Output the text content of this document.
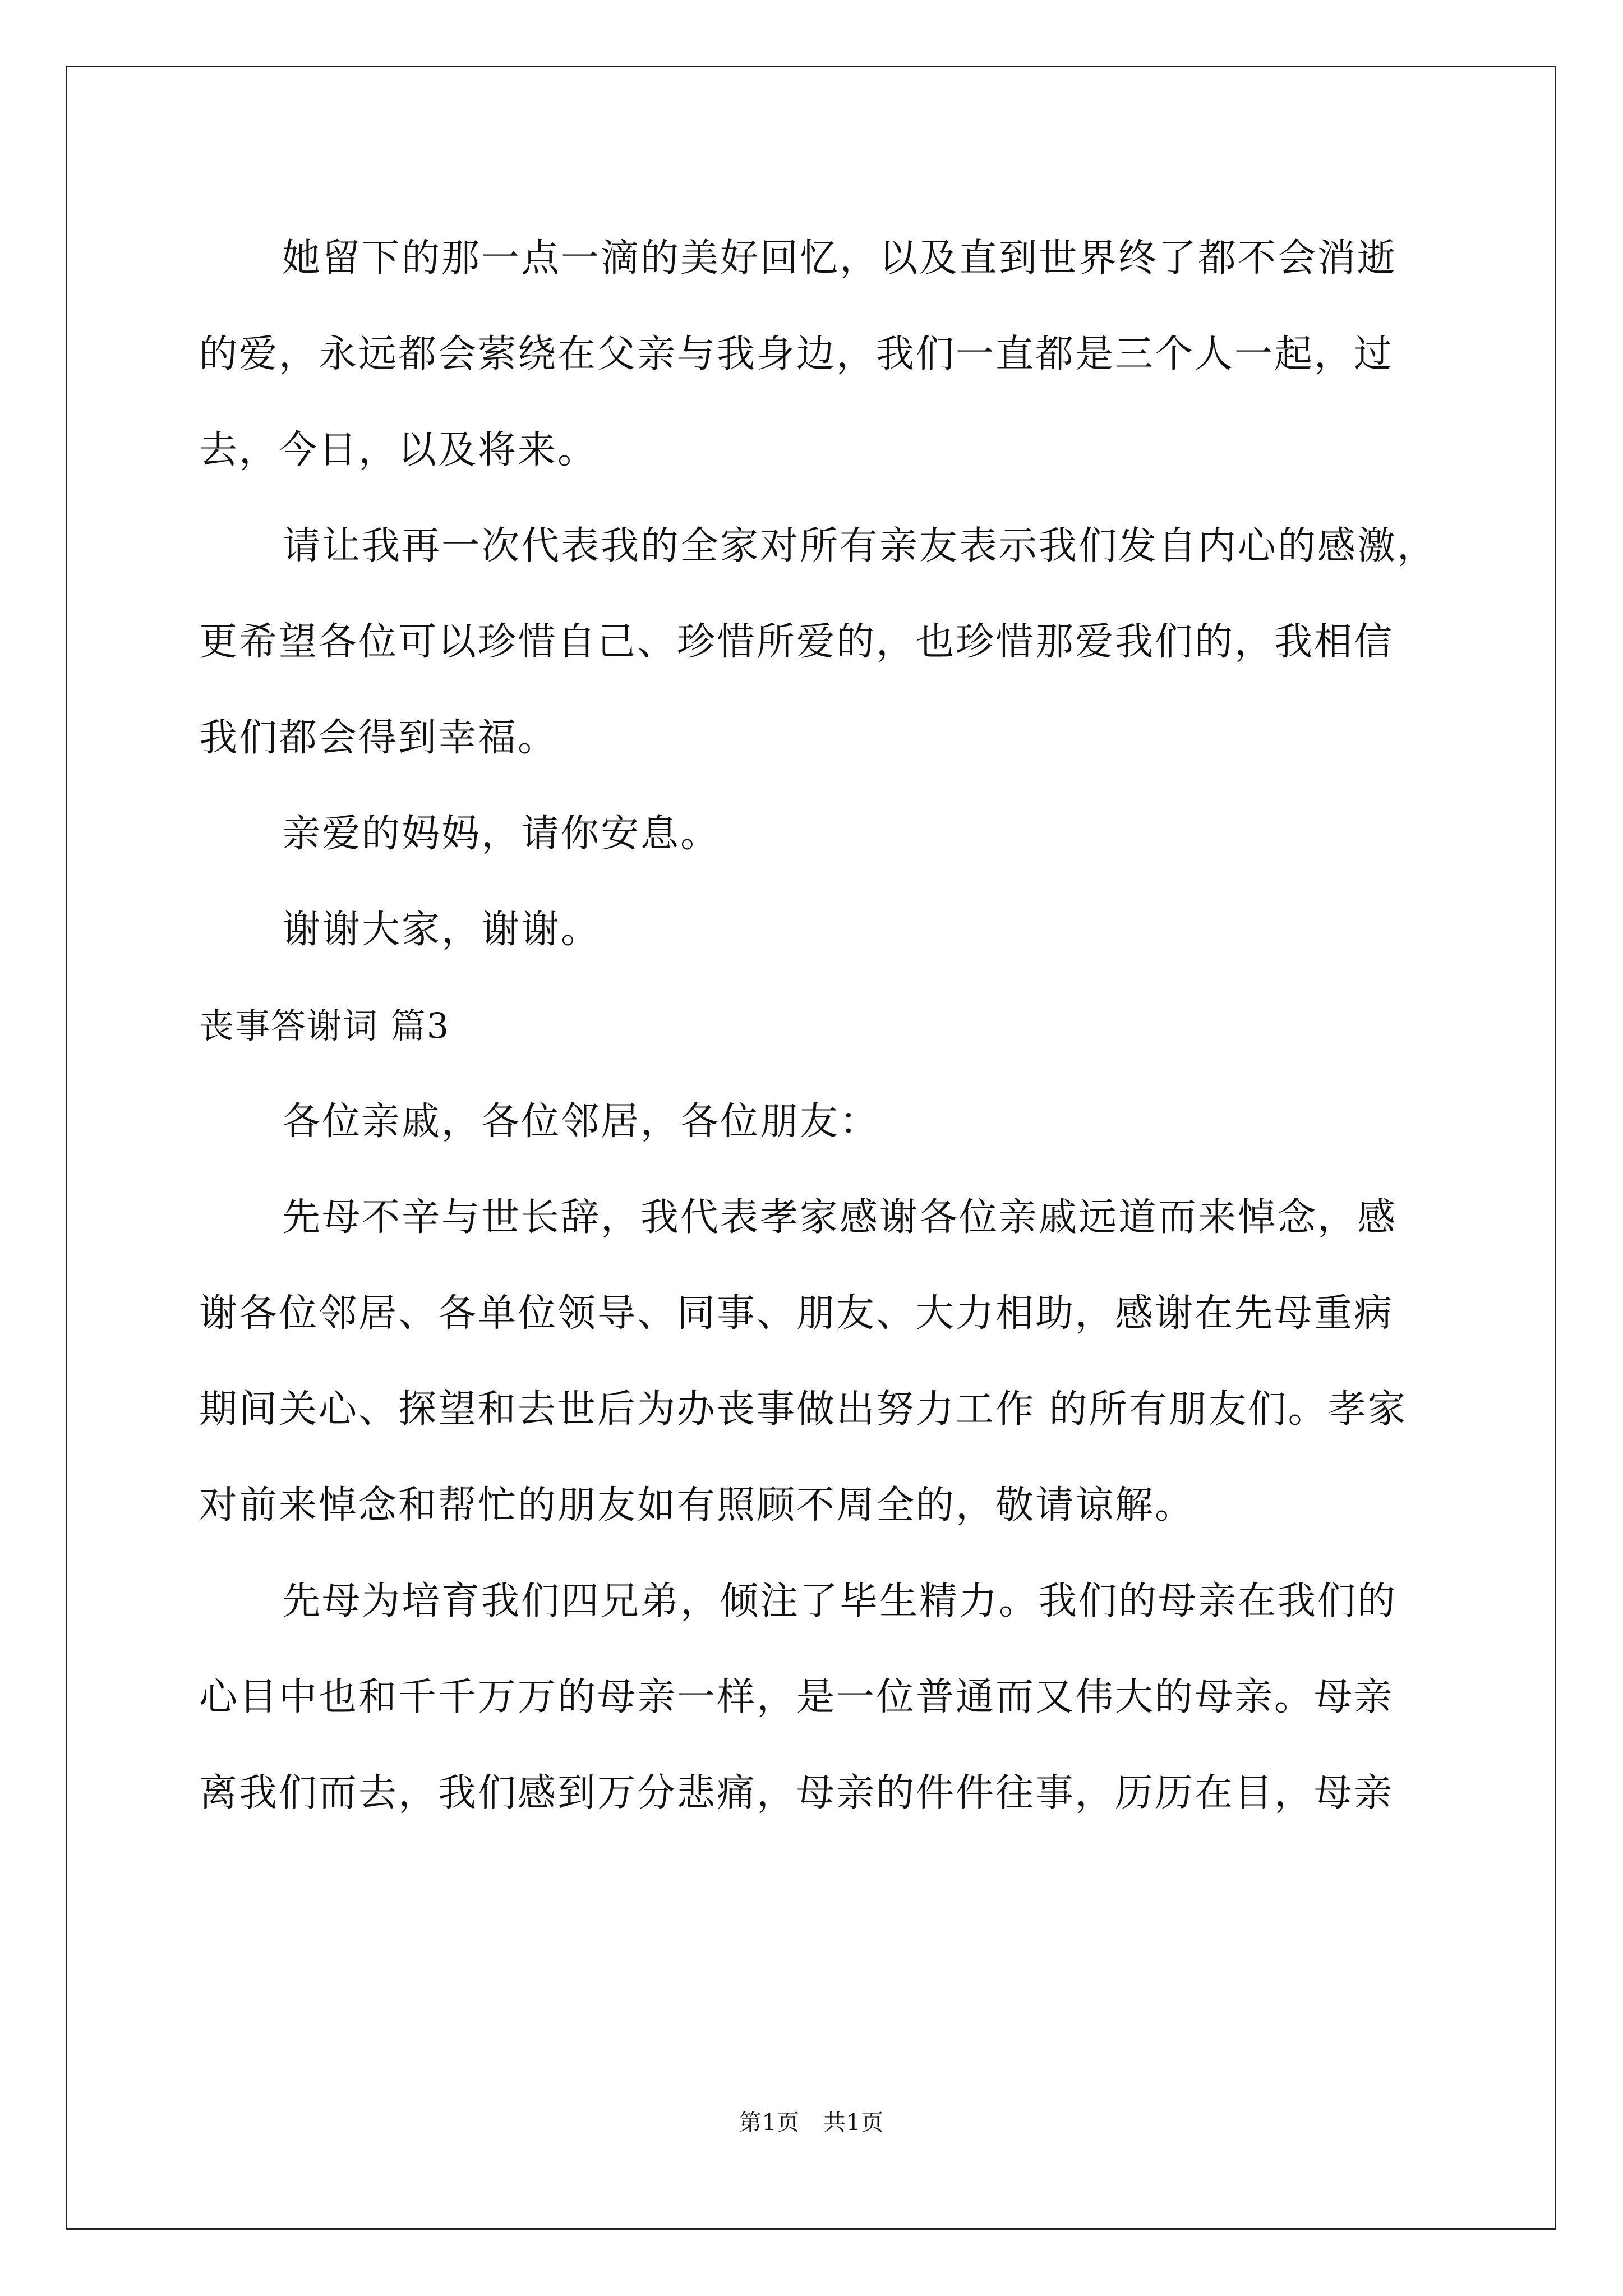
她留下的那一点一滴的美好回忆，以及直到世界终了都不会消逝
的爱，永远都会萦绕在父亲与我身边，我们一直都是三个人一起，过
去，今日，以及将来。
请让我再一次代表我的全家对所有亲友表示我们发自内心的感激，
更希望各位可以珍惜自己、珍惜所爱的，也珍惜那爱我们的，我相信
我们都会得到幸福。
亲爱的妈妈，请你安息。
谢谢大家，谢谢。
丧事答谢词 篇3
各位亲戚，各位邻居，各位朋友：
先母不辛与世长辞，我代表孝家感谢各位亲戚远道而来悼念，感
谢各位邻居、各单位领导、同事、朋友、大力相助，感谢在先母重病
期间关心、探望和去世后为办丧事做出努力工作 的所有朋友们。孝家
对前来悼念和帮忙的朋友如有照顾不周全的，敬请谅解。
先母为培育我们四兄弟，倾注了毕生精力。我们的母亲在我们的
心目中也和千千万万的母亲一样，是一位普通而又伟大的母亲。母亲
离我们而去，我们感到万分悲痛，母亲的件件往事，历历在目，母亲
第1页 共1页
